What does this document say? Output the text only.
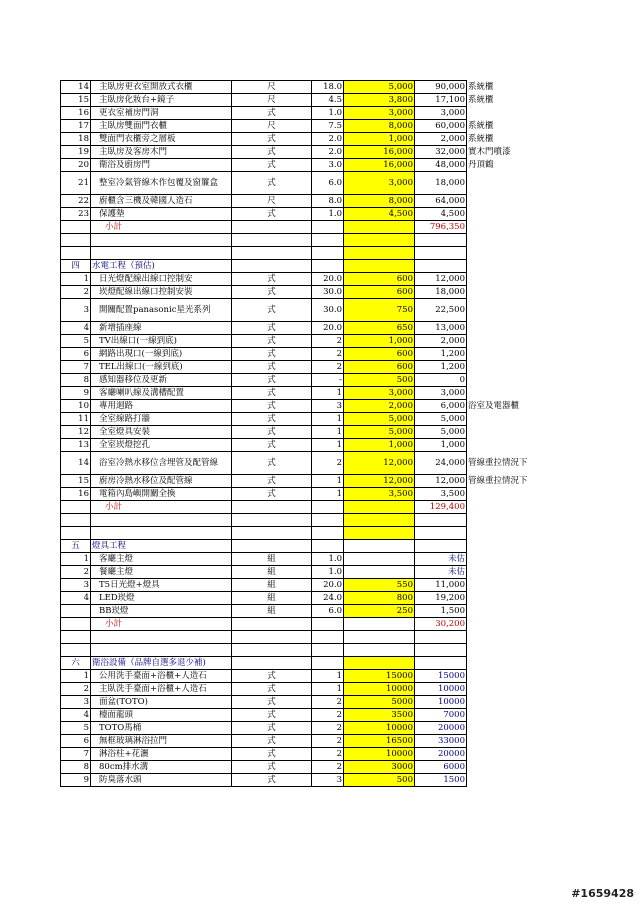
14	主臥房更衣室開放式衣櫃	尺	18.0	5,000	90,000	系統櫃
15	主臥房化妝台+鏡子	尺	4.5	3,800	17,100	系統櫃
16	更衣室補房門洞	式	1.0	3,000	3,000	
17	主臥房雙面門衣櫃	尺	7.5	8,000	60,000	系統櫃
18	雙面門衣櫃旁之層板	式	2.0	1,000	2,000	系統櫃
19	主臥房及客房木門	式	2.0	16,000	32,000	實木門噴漆
20	衛浴及廚房門	式	3.0	16,000	48,000	丹頂鶴
21	整室冷氣管線木作包覆及窗簾盒	式	6.0	3,000	18,000	
22	廚櫃含三機及韓國人造石	尺	8.0	8,000	64,000	
23	保護墊	式	1.0	4,500	4,500	
	小計				796,350	

四	水電工程（預估)					
1	日光燈配線出線口控制安	式	20.0	600	12,000	
2	崁燈配線出線口控制安裝	式	30.0	600	18,000	
3	開關配置panasonic星光系列	式	30.0	750	22,500	
4	新增插座線	式	20.0	650	13,000	
5	TV出線口(一線到底)	式	2	1,000	2,000	
6	網路出現口(一線到底)	式	2	600	1,200	
7	TEL出線口(一線到底)	式	2	600	1,200	
8	感知器移位及更新	式	-	500	0	
9	客廳喇叭線及溝槽配置	式	1	3,000	3,000	
10	專用迴路	式	3	2,000	6,000	浴室及電器櫃
11	全室線路打牆	式	1	5,000	5,000	
12	全室燈具安裝	式	1	5,000	5,000	
13	全室崁燈挖孔	式	1	1,000	1,000	
14	浴室冷熱水移位含埋管及配管線	式	2	12,000	24,000	管線重拉情況下
15	廚房冷熱水移位及配管線	式	1	12,000	12,000	管線重拉情況下
16	電箱內島嶼開關全換	式	1	3,500	3,500	
	小計				129,400	

五	燈具工程					
1	客廳主燈	組	1.0		未估	
2	餐廳主燈	組	1.0		未估	
3	T5日光燈+燈具	組	20.0	550	11,000	
4	LED崁燈	組	24.0	800	19,200	
	BB崁燈	組	6.0	250	1,500	
	小計				30,200	

六	衛浴設備（品牌自選多退少補)					
1	公用洗手臺面+浴櫃+人造石	式	1	15000	15000	
2	主臥洗手臺面+浴櫃+人造石	式	1	10000	10000	
3	面盆(TOTO)	式	2	5000	10000	
4	檯面龍頭	式	2	3500	7000	
5	TOTO馬桶	式	2	10000	20000	
6	無框玻璃淋浴拉門	式	2	16500	33000	
7	淋浴柱+花灑	式	2	10000	20000	
8	80cm排水溝	式	2	3000	6000	
9	防臭落水頭	式	3	500	1500	
#1659428
